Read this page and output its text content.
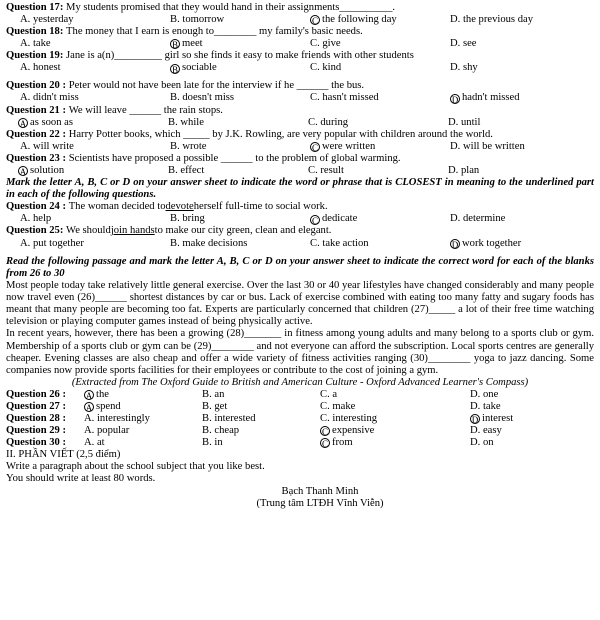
Question 17:
My students promised that they would hand in their assignments __________.
A.
yesterday	B.
tomorrow	C the following day	D.
the previous day
Question 18:
The money that I earn is enough to________ my family's basic needs.
A.
take	B meet	C.
give	D.
see
Question 19:
Jane is a(n)_________ girl so she finds it easy to make friends with other students
A.
honest	B sociable	C.
kind	D.
shy
Question 20 :
Peter would not have been late for the interview if he ______ the bus.
A.
didn't miss	B.
doesn't miss	C.
hasn't missed	D hadn't missed
Question 21 :
We will leave ______ the rain stops.
A as soon as	B.
while	C.
during	D.
until
Question 22 :
Harry Potter books, which _____ by J.K. Rowling, are very popular with children around the world.
A.
will write	B.
wrote	C were written	D.
will be written
Question 23 :
Scientists have proposed a possible ______ to the problem of global warming.
A solution	B.
effect	C.
result	D.
plan
Mark the letter A, B, C or D on your answer sheet to indicate the word or phrase that is CLOSEST in meaning to the underlined part in each of the following questions.
Question 24 :
The woman decided to devote herself full-time to social work.
A.
help	B.
bring	C dedicate	D.
determine
Question 25:
We should join hands to make our city green, clean and elegant.
A.
put together	B.
make decisions	C.
take action	D work together
Read the following passage and mark the letter A, B, C or D on your answer sheet to indicate the correct word for each of the blanks from 26 to 30

Most people today take relatively little general exercise. Over the last 30 or 40 year lifestyles have changed considerably and many people now travel even (26)______ shortest distances by car or bus. Lack of exercise combined with eating too many fatty and sugary foods has meant that many people are becoming too fat. Experts are particularly concerned that children (27)_____ a lot of their free time watching television or playing computer games instead of being physically active.

In recent years, however, there has been a growing (28)_______ in fitness among young adults and many belong to a sports club or gym. Membership of a sports club or gym can be (29)________ and not everyone can afford the subscription. Local sports centres are generally cheaper. Evening classes are also cheap and offer a wide variety of fitness activities ranging (30)________ yoga to jazz dancing. Some companies now provide sports facilities for their employees or contribute to the cost of joining a gym.

(Extracted from The Oxford Guide to British and American Culture - Oxford Advanced Learner's Compass)
Question 26 :	A the	B.
an	C.
a	D.
one
Question 27 :	A spend	B.
get	C.
make	D.
take
Question 28 :	A.
interestingly	B.
interested	C.
interesting	D interest
Question 29 :	A.
popular	B.
cheap	C expensive	D.
easy
Question 30 :	A.
at	B.
in	C from	D.
on
II. PHẦN VIẾT (2,5 điểm)
Write a paragraph about the school subject that you like best.
You should write at least 80 words.
Bạch Thanh Minh
(Trung tâm LTĐH Vĩnh Viễn)
